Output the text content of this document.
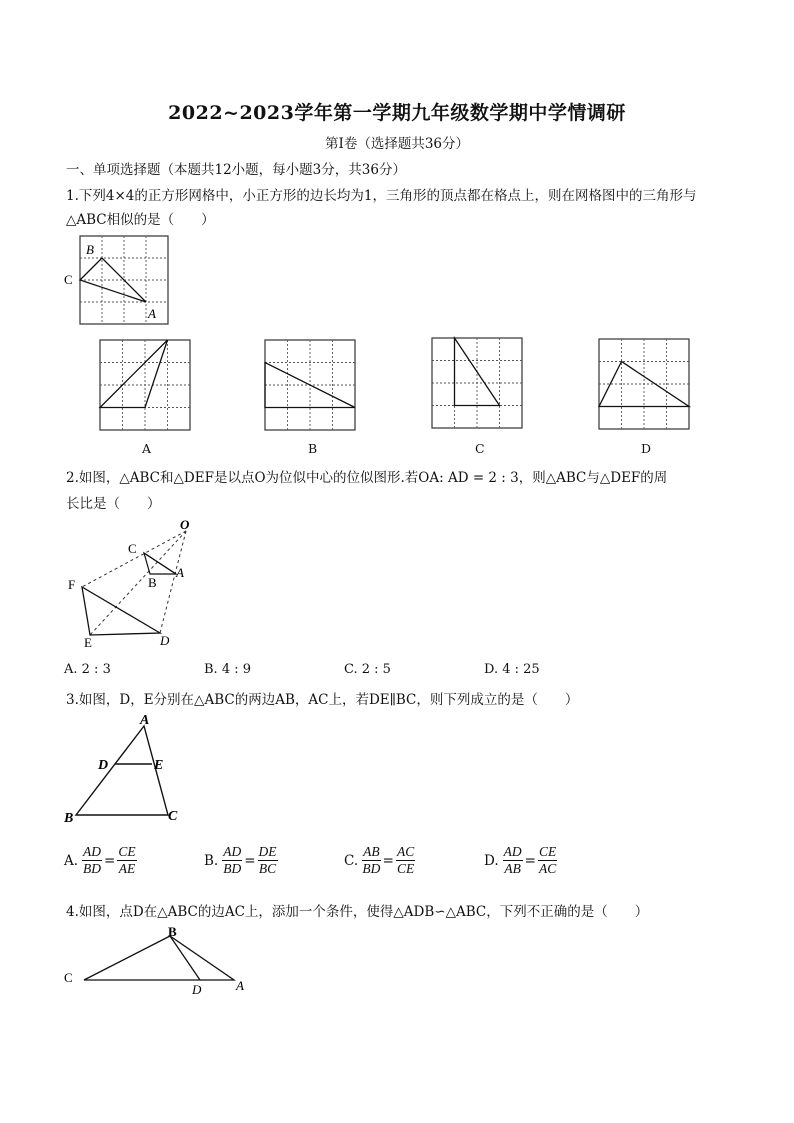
2022~2023学年第一学期九年级数学期中学情调研
第Ⅰ卷（选择题共36分）
一、单项选择题（本题共12小题，每小题3分，共36分）
1.下列4×4的正方形网格中，小正方形的边长均为1，三角形的顶点都在格点上，则在网格图中的三角形与
△ABC相似的是（　　）
B
C
A
A	B	C	D
2.如图，△ABC和△DEF是以点O为位似中心的位似图形.若OA: AD = 2 : 3，则△ABC与△DEF的周
长比是（　　）
O
C
A
B
F
E	D
A. 2 : 3	B. 4 : 9	C. 2 : 5	D. 4 : 25
3.如图，D，E分别在△ABC的两边AB，AC上，若DE∥BC，则下列成立的是（　　）
A
D	E
B	C
A. $\frac{AD}{BD} = \frac{CE}{AE}$	B. $\frac{AD}{BD} = \frac{DE}{BC}$	C. $\frac{AB}{BD} = \frac{AC}{CE}$	D. $\frac{AD}{AB} = \frac{CE}{AC}$
4.如图，点D在△ABC的边AC上，添加一个条件，使得△ADB∽△ABC，下列不正确的是（　　）
B
C
D	A
